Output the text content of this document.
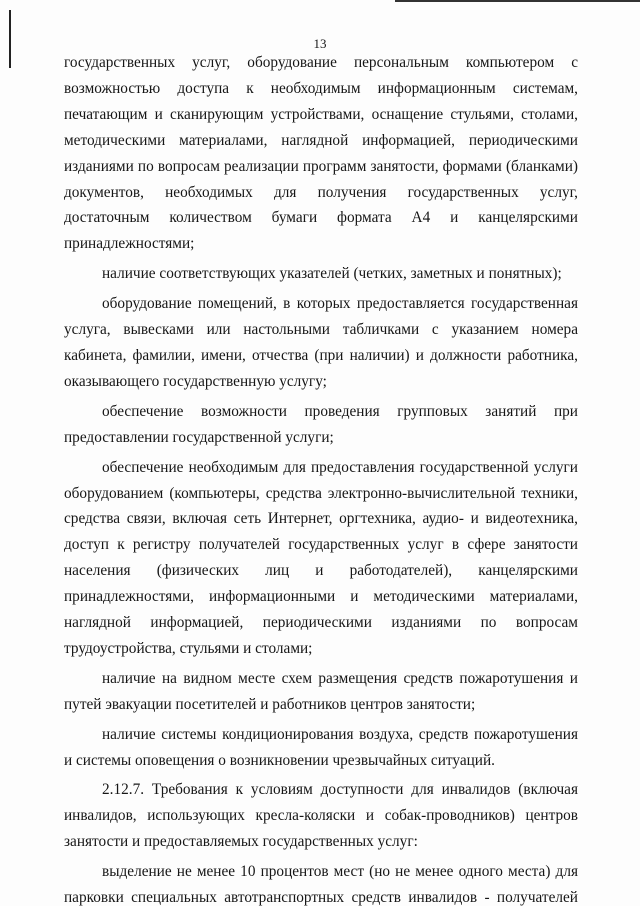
13

государственных услуг, оборудование персональным компьютером с возможностью доступа к необходимым информационным системам, печатающим и сканирующим устройствами, оснащение стульями, столами, методическими материалами, наглядной информацией, периодическими изданиями по вопросам реализации программ занятости, формами (бланками) документов, необходимых для получения государственных услуг, достаточным количеством бумаги формата А4 и канцелярскими принадлежностями;

наличие соответствующих указателей (четких, заметных и понятных);

оборудование помещений, в которых предоставляется государственная услуга, вывесками или настольными табличками с указанием номера кабинета, фамилии, имени, отчества (при наличии) и должности работника, оказывающего государственную услугу;

обеспечение возможности проведения групповых занятий при предоставлении государственной услуги;

обеспечение необходимым для предоставления государственной услуги оборудованием (компьютеры, средства электронно-вычислительной техники, средства связи, включая сеть Интернет, оргтехника, аудио- и видеотехника, доступ к регистру получателей государственных услуг в сфере занятости населения (физических лиц и работодателей), канцелярскими принадлежностями, информационными и методическими материалами, наглядной информацией, периодическими изданиями по вопросам трудоустройства, стульями и столами;

наличие на видном месте схем размещения средств пожаротушения и путей эвакуации посетителей и работников центров занятости;

наличие системы кондиционирования воздуха, средств пожаротушения и системы оповещения о возникновении чрезвычайных ситуаций.

2.12.7. Требования к условиям доступности для инвалидов (включая инвалидов, использующих кресла-коляски и собак-проводников) центров занятости и предоставляемых государственных услуг:

выделение не менее 10 процентов мест (но не менее одного места) для парковки специальных автотранспортных средств инвалидов - получателей
